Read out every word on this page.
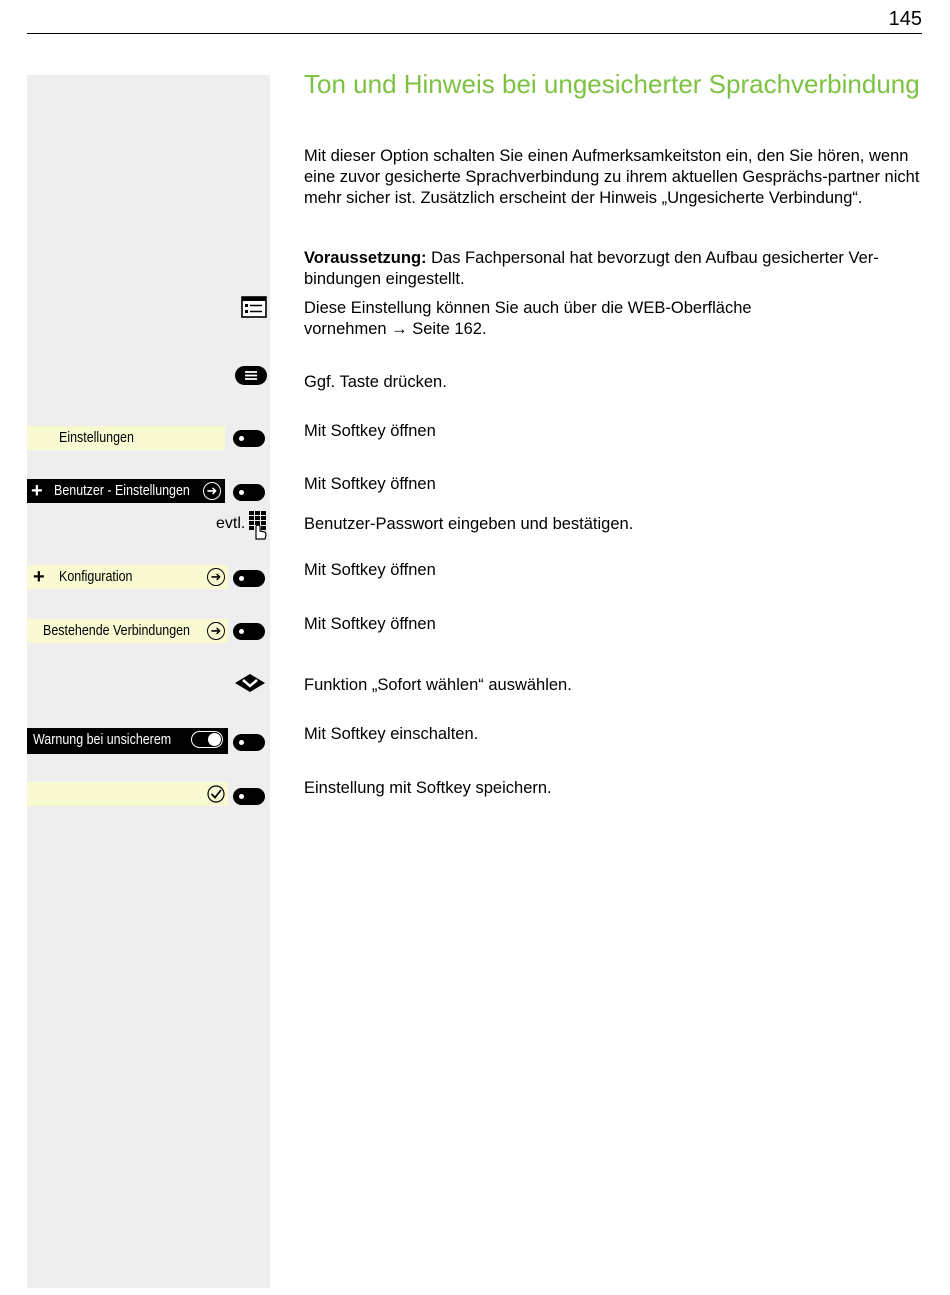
145
Ton und Hinweis bei ungesicherter Sprachverbindung
Mit dieser Option schalten Sie einen Aufmerksamkeitston ein, den Sie hören, wenn eine zuvor gesicherte Sprachverbindung zu ihrem aktuellen Gesprächs-partner nicht mehr sicher ist. Zusätzlich erscheint der Hinweis „Ungesicherte Verbindung“.
Voraussetzung: Das Fachpersonal hat bevorzugt den Aufbau gesicherter Ver-bindungen eingestellt.
Diese Einstellung können Sie auch über die WEB-Oberfläche vornehmen → Seite 162.
Ggf. Taste drücken.
Einstellungen	Mit Softkey öffnen
+ Benutzer - Einstellungen ➜	Mit Softkey öffnen
evtl.	Benutzer-Passwort eingeben und bestätigen.
+ Konfiguration	➜	Mit Softkey öffnen
Bestehende Verbindungen ➜	Mit Softkey öffnen
Funktion „Sofort wählen“ auswählen.
Warnung bei unsicherem	Mit Softkey einschalten.
Einstellung mit Softkey speichern.
